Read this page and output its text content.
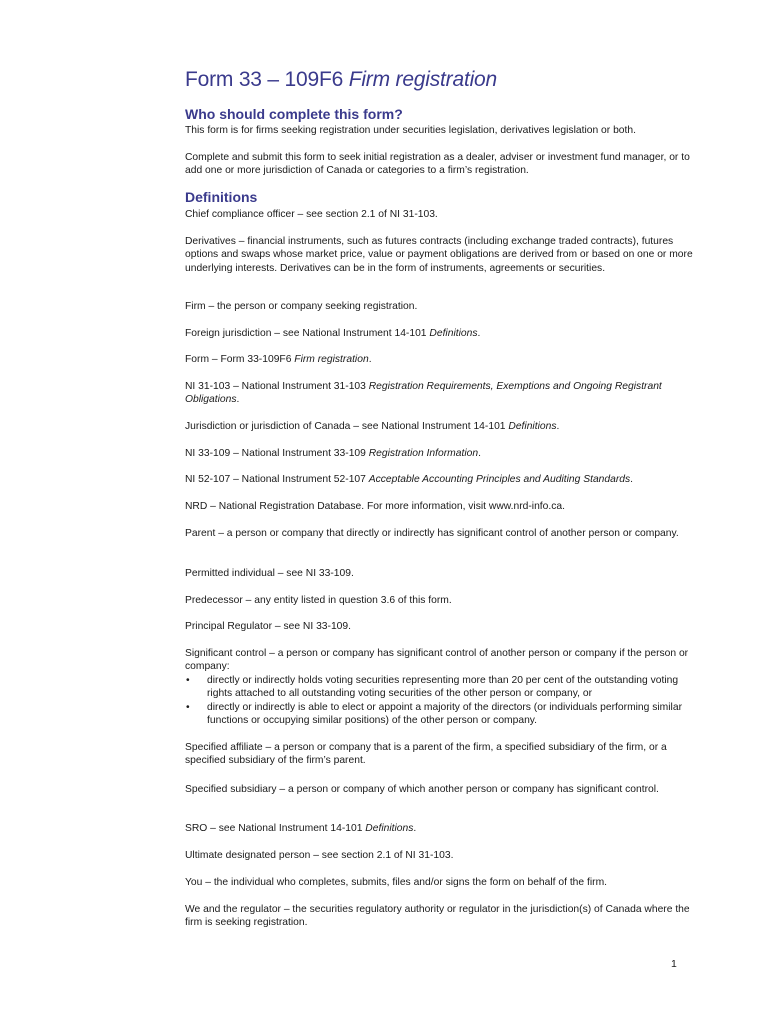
Form 33 – 109F6 Firm registration
Who should complete this form?

This form is for firms seeking registration under securities legislation, derivatives legislation or both.

Complete and submit this form to seek initial registration as a dealer, adviser or investment fund manager, or to add one or more jurisdiction of Canada or categories to a firm’s registration.

Definitions

Chief compliance officer – see section 2.1 of NI 31-103.

Derivatives – financial instruments, such as futures contracts (including exchange traded contracts), futures options and swaps whose market price, value or payment obligations are derived from or based on one or more underlying interests. Derivatives can be in the form of instruments, agreements or securities.

Firm – the person or company seeking registration.

Foreign jurisdiction – see National Instrument 14-101 Definitions.

Form – Form 33-109F6 Firm registration.

NI 31-103 – National Instrument 31-103 Registration Requirements, Exemptions and Ongoing Registrant Obligations.

Jurisdiction or jurisdiction of Canada – see National Instrument 14-101 Definitions.

NI 33-109 – National Instrument 33-109 Registration Information.

NI 52-107 – National Instrument 52-107 Acceptable Accounting Principles and Auditing Standards.

NRD – National Registration Database. For more information, visit www.nrd-info.ca.

Parent – a person or company that directly or indirectly has significant control of another person or company.

Permitted individual – see NI 33-109.

Predecessor – any entity listed in question 3.6 of this form.

Principal Regulator – see NI 33-109.

Significant control – a person or company has significant control of another person or company if the person or company:

• directly or indirectly holds voting securities representing more than 20 per cent of the outstanding voting rights attached to all outstanding voting securities of the other person or company, or
• directly or indirectly is able to elect or appoint a majority of the directors (or individuals performing similar functions or occupying similar positions) of the other person or company.

Specified affiliate – a person or company that is a parent of the firm, a specified subsidiary of the firm, or a specified subsidiary of the firm’s parent.

Specified subsidiary – a person or company of which another person or company has significant control.

SRO – see National Instrument 14-101 Definitions.

Ultimate designated person – see section 2.1 of NI 31-103.

You – the individual who completes, submits, files and/or signs the form on behalf of the firm.

We and the regulator – the securities regulatory authority or regulator in the jurisdiction(s) of Canada where the firm is seeking registration.

1
